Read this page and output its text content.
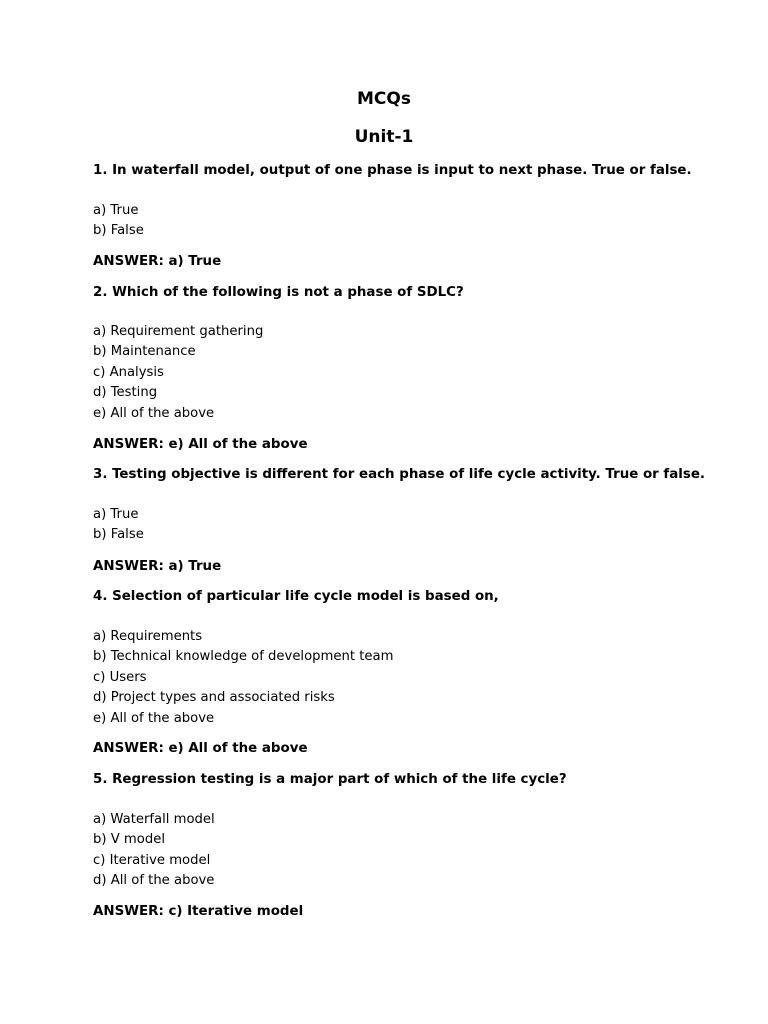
MCQs
Unit-1
1. In waterfall model, output of one phase is input to next phase. True or false.
a) True
b) False
ANSWER: a) True
2. Which of the following is not a phase of SDLC?
a) Requirement gathering
b) Maintenance
c) Analysis
d) Testing
e) All of the above
ANSWER: e) All of the above
3. Testing objective is different for each phase of life cycle activity. True or false.
a) True
b) False
ANSWER: a) True
4. Selection of particular life cycle model is based on,
a) Requirements
b) Technical knowledge of development team
c) Users
d) Project types and associated risks
e) All of the above
ANSWER: e) All of the above
5. Regression testing is a major part of which of the life cycle?
a) Waterfall model
b) V model
c) Iterative model
d) All of the above
ANSWER: c) Iterative model
